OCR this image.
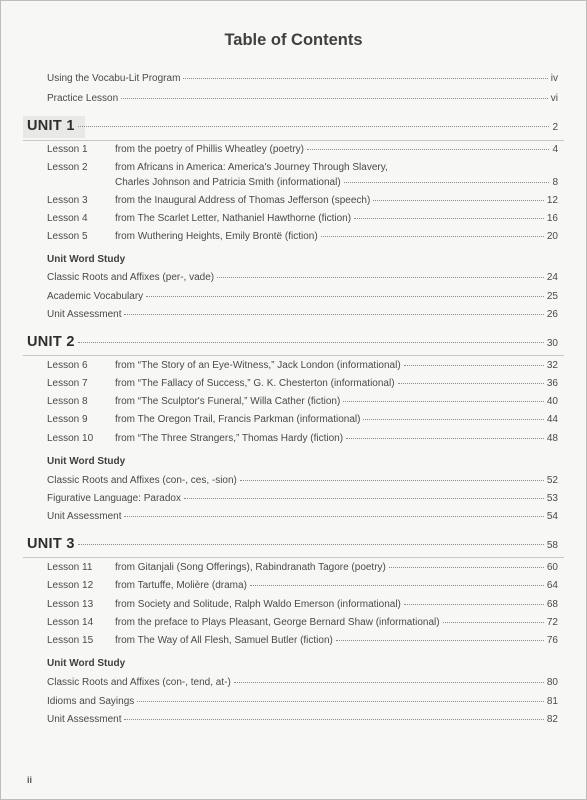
Table of Contents
Using the Vocabu-Lit Program	iv
Practice Lesson	vi
UNIT 1	2
Lesson 1	from the poetry of Phillis Wheatley (poetry)	4
Lesson 2	from Africans in America: America's Journey Through Slavery,
Charles Johnson and Patricia Smith (informational)	8
Lesson 3	from the Inaugural Address of Thomas Jefferson (speech)	12
Lesson 4	from The Scarlet Letter, Nathaniel Hawthorne (fiction)	16
Lesson 5	from Wuthering Heights, Emily Brontë (fiction)	20
Unit Word Study
Classic Roots and Affixes (per-, vade)	24
Academic Vocabulary	25
Unit Assessment	26
UNIT 2	30
Lesson 6	from “The Story of an Eye-Witness,” Jack London (informational)	32
Lesson 7	from “The Fallacy of Success,” G. K. Chesterton (informational)	36
Lesson 8	from “The Sculptor's Funeral,” Willa Cather (fiction)	40
Lesson 9	from The Oregon Trail, Francis Parkman (informational)	44
Lesson 10	from “The Three Strangers,” Thomas Hardy (fiction)	48
Unit Word Study
Classic Roots and Affixes (con-, ces, -sion)	52
Figurative Language: Paradox	53
Unit Assessment	54
UNIT 3	58
Lesson 11	from Gitanjali (Song Offerings), Rabindranath Tagore (poetry)	60
Lesson 12	from Tartuffe, Molière (drama)	64
Lesson 13	from Society and Solitude, Ralph Waldo Emerson (informational)	68
Lesson 14	from the preface to Plays Pleasant, George Bernard Shaw (informational)	72
Lesson 15	from The Way of All Flesh, Samuel Butler (fiction)	76
Unit Word Study
Classic Roots and Affixes (con-, tend, at-)	80
Idioms and Sayings	81
Unit Assessment	82
ii
